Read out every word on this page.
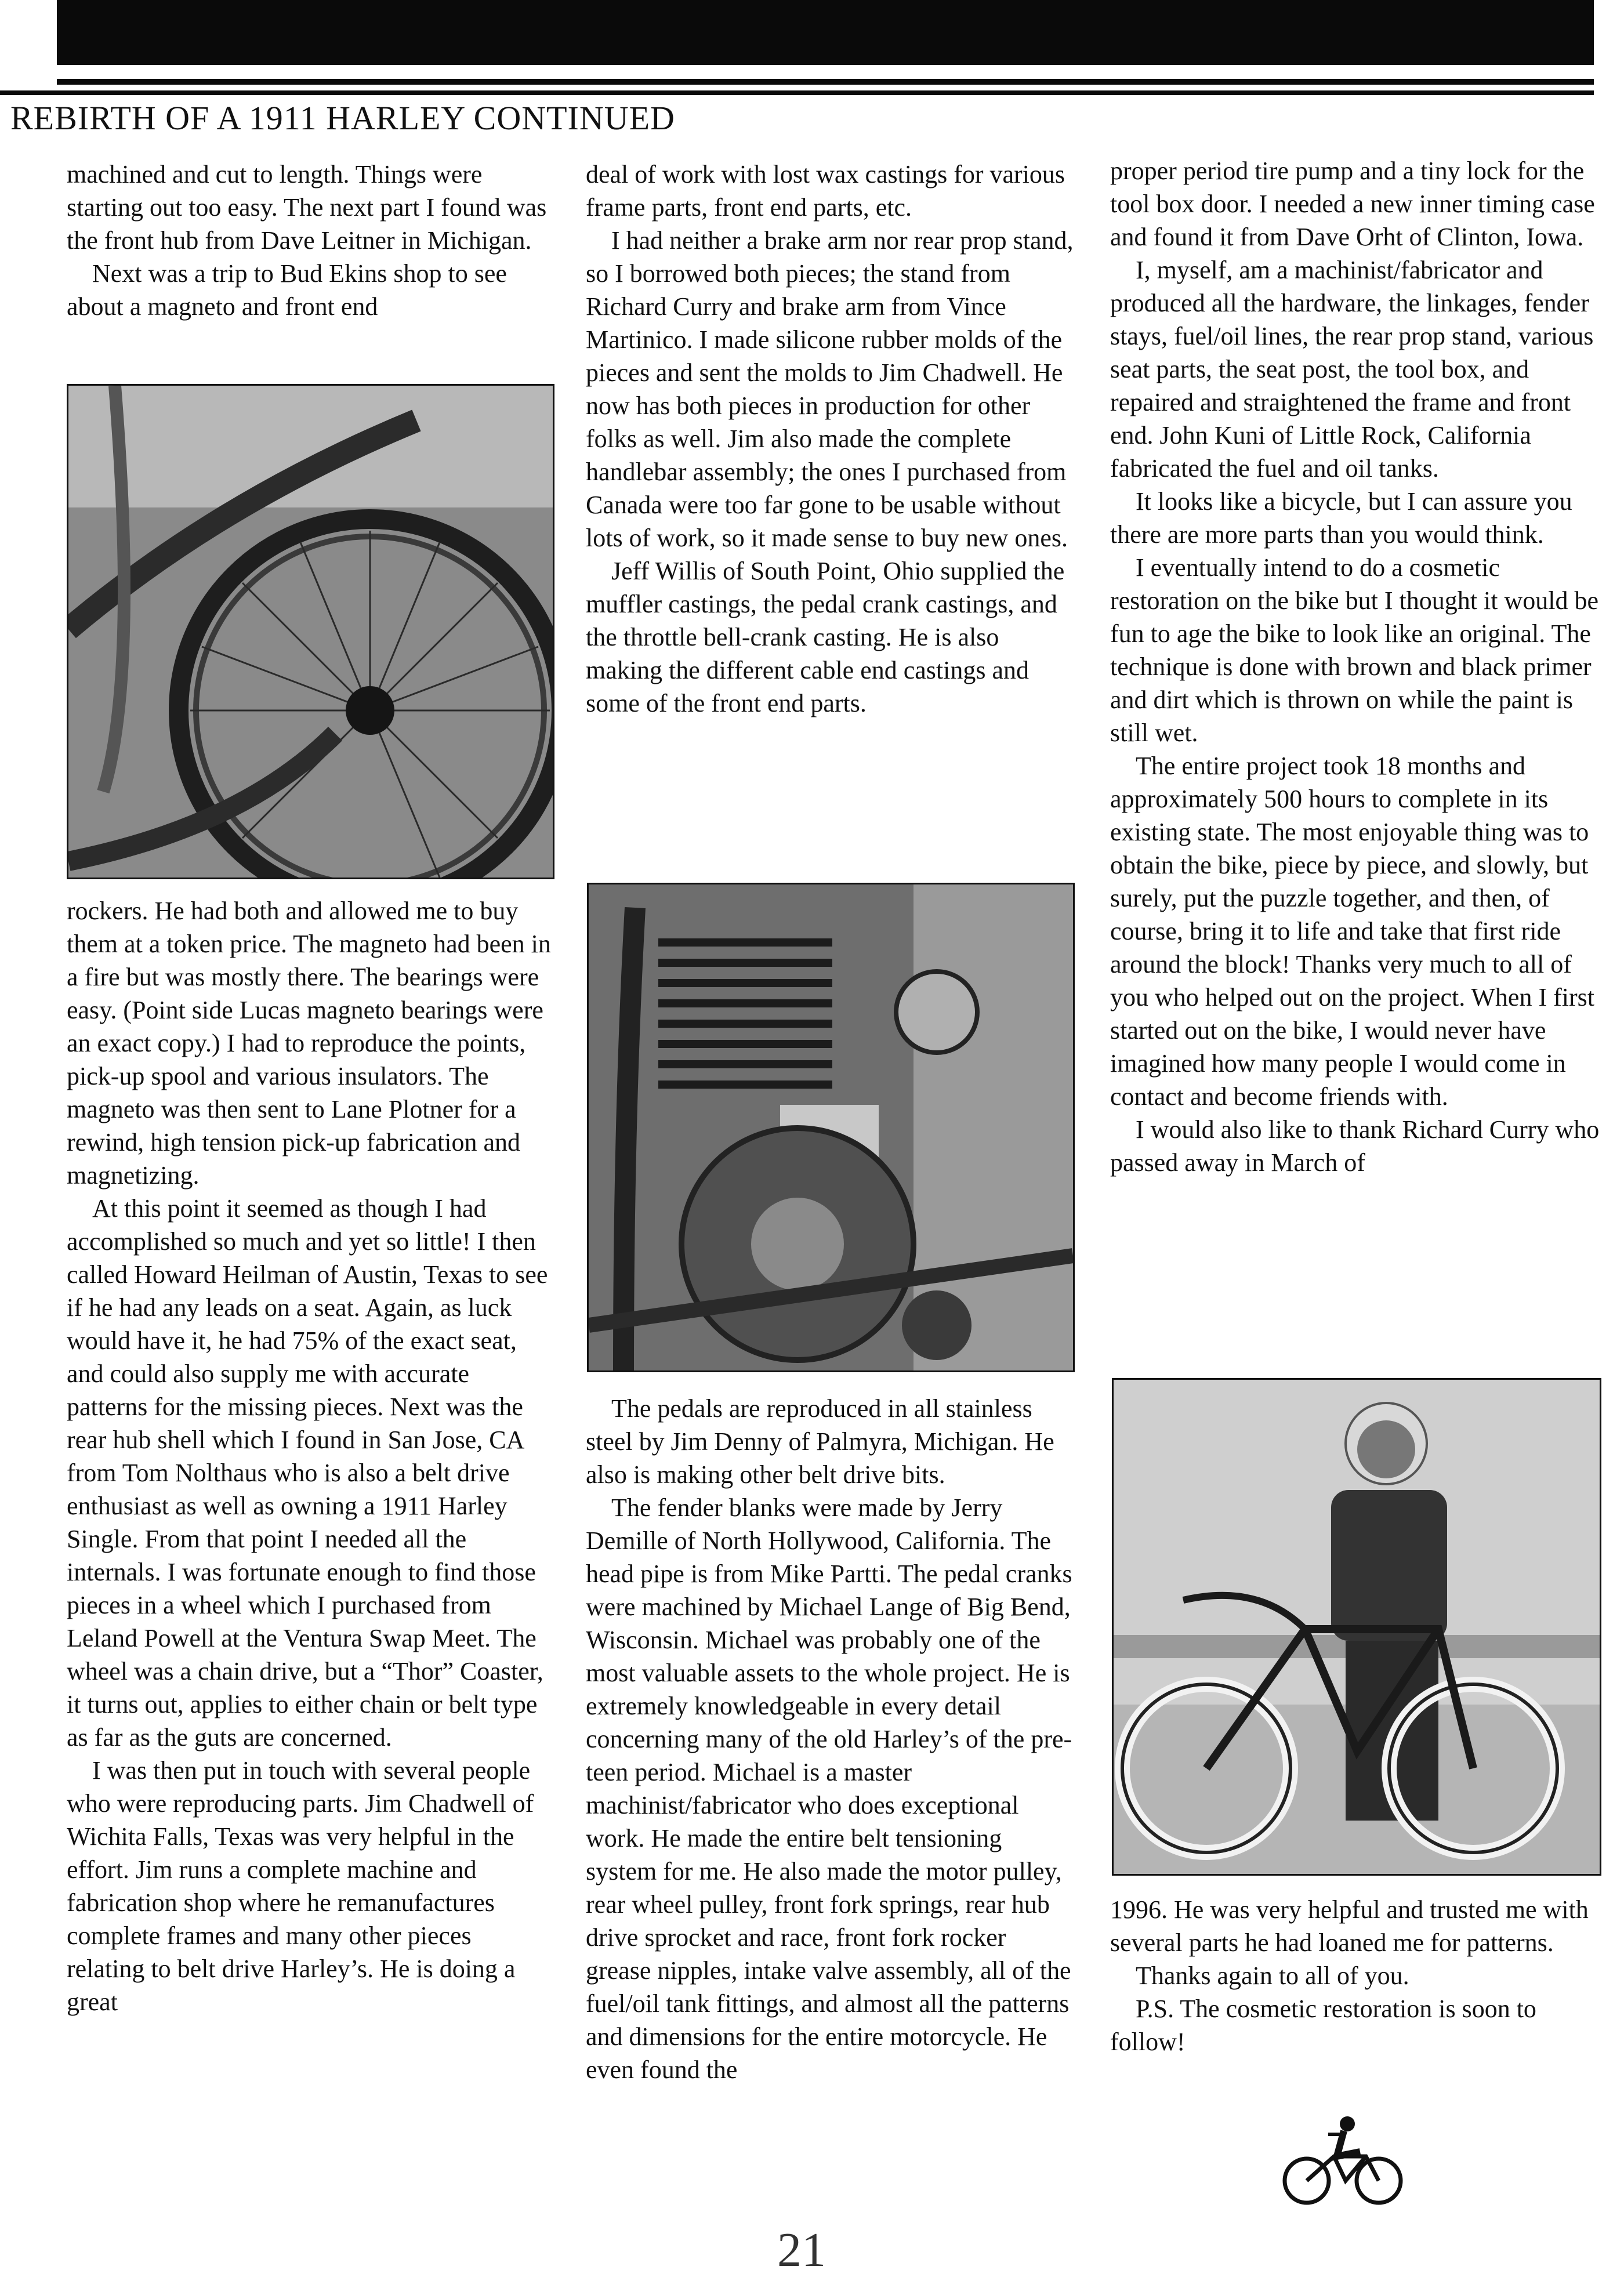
REBIRTH OF A 1911 HARLEY CONTINUED

machined and cut to length. Things were starting out too easy. The next part I found was the front hub from Dave Leitner in Michigan.

Next was a trip to Bud Ekins shop to see about a magneto and front end

rockers. He had both and allowed me to buy them at a token price. The magneto had been in a fire but was mostly there. The bearings were easy. (Point side Lucas magneto bearings were an exact copy.) I had to reproduce the points, pick-up spool and various insulators. The magneto was then sent to Lane Plotner for a rewind, high tension pick-up fabrication and magnetizing.

At this point it seemed as though I had accomplished so much and yet so little! I then called Howard Heilman of Austin, Texas to see if he had any leads on a seat. Again, as luck would have it, he had 75% of the exact seat, and could also supply me with accurate patterns for the missing pieces. Next was the rear hub shell which I found in San Jose, CA from Tom Nolthaus who is also a belt drive enthusiast as well as owning a 1911 Harley Single. From that point I needed all the internals. I was fortunate enough to find those pieces in a wheel which I purchased from Leland Powell at the Ventura Swap Meet. The wheel was a chain drive, but a “Thor” Coaster, it turns out, applies to either chain or belt type as far as the guts are concerned.

I was then put in touch with several people who were reproducing parts. Jim Chadwell of Wichita Falls, Texas was very helpful in the effort. Jim runs a complete machine and fabrication shop where he remanufactures complete frames and many other pieces relating to belt drive Harley’s. He is doing a great

deal of work with lost wax castings for various frame parts, front end parts, etc.

I had neither a brake arm nor rear prop stand, so I borrowed both pieces; the stand from Richard Curry and brake arm from Vince Martinico. I made silicone rubber molds of the pieces and sent the molds to Jim Chadwell. He now has both pieces in production for other folks as well. Jim also made the complete handlebar assembly; the ones I purchased from Canada were too far gone to be usable without lots of work, so it made sense to buy new ones.

Jeff Willis of South Point, Ohio supplied the muffler castings, the pedal crank castings, and the throttle bell-crank casting. He is also making the different cable end castings and some of the front end parts.

The pedals are reproduced in all stainless steel by Jim Denny of Palmyra, Michigan. He also is making other belt drive bits.

The fender blanks were made by Jerry Demille of North Hollywood, California. The head pipe is from Mike Partti. The pedal cranks were machined by Michael Lange of Big Bend, Wisconsin. Michael was probably one of the most valuable assets to the whole project. He is extremely knowledgeable in every detail concerning many of the old Harley’s of the pre-teen period. Michael is a master machinist/fabricator who does exceptional work. He made the entire belt tensioning system for me. He also made the motor pulley, rear wheel pulley, front fork springs, rear hub drive sprocket and race, front fork rocker grease nipples, intake valve assembly, all of the fuel/oil tank fittings, and almost all the patterns and dimensions for the entire motorcycle. He even found the

proper period tire pump and a tiny lock for the tool box door. I needed a new inner timing case and found it from Dave Orht of Clinton, Iowa.

I, myself, am a machinist/fabricator and produced all the hardware, the linkages, fender stays, fuel/oil lines, the rear prop stand, various seat parts, the seat post, the tool box, and repaired and straightened the frame and front end. John Kuni of Little Rock, California fabricated the fuel and oil tanks.

It looks like a bicycle, but I can assure you there are more parts than you would think.

I eventually intend to do a cosmetic restoration on the bike but I thought it would be fun to age the bike to look like an original. The technique is done with brown and black primer and dirt which is thrown on while the paint is still wet.

The entire project took 18 months and approximately 500 hours to complete in its existing state. The most enjoyable thing was to obtain the bike, piece by piece, and slowly, but surely, put the puzzle together, and then, of course, bring it to life and take that first ride around the block! Thanks very much to all of you who helped out on the project. When I first started out on the bike, I would never have imagined how many people I would come in contact and become friends with.

I would also like to thank Richard Curry who passed away in March of

1996. He was very helpful and trusted me with several parts he had loaned me for patterns.

Thanks again to all of you.

P.S. The cosmetic restoration is soon to follow!

21
